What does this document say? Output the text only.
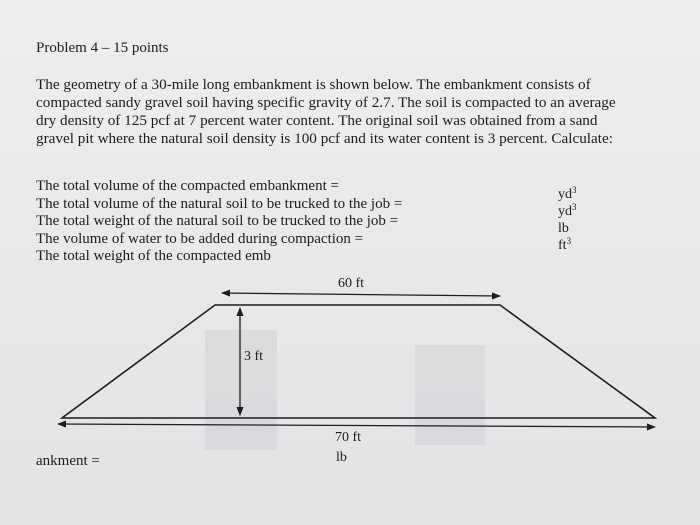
Problem 4 – 15 points
The geometry of a 30-mile long embankment is shown below. The embankment consists of
compacted sandy gravel soil having specific gravity of 2.7. The soil is compacted to an average
dry density of 125 pcf at 7 percent water content. The original soil was obtained from a sand
gravel pit where the natural soil density is 100 pcf and its water content is 3 percent. Calculate:
The total volume of the compacted embankment =
The total volume of the natural soil to be trucked to the job =
The total weight of the natural soil to be trucked to the job =
The volume of water to be added during compaction =
The total weight of the compacted emb
$yd^3$
$yd^3$
lb
$ft^3$
60 ft
3 ft
70 ft
ankment =	lb
